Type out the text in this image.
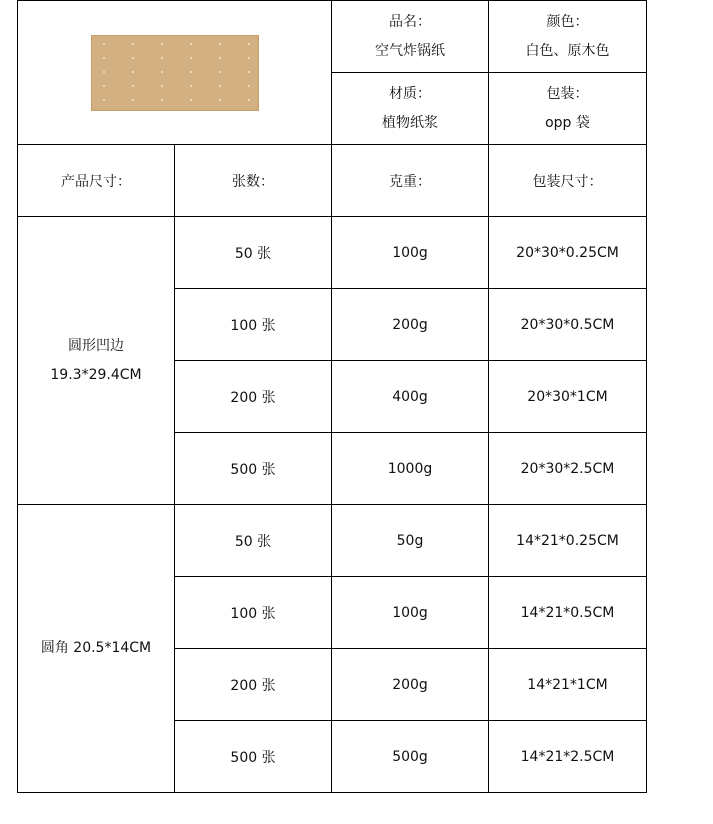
		品名：
空气炸锅纸	颜色：
白色、原木色

		材质：
植物纸浆	包装：
opp 袋

产品尺寸：	张数：	克重：	包装尺寸：

圆形凹边
19.3*29.4CM	50 张	100g	20*30*0.25CM
	100 张	200g	20*30*0.5CM
	200 张	400g	20*30*1CM
	500 张	1000g	20*30*2.5CM

圆角 20.5*14CM	50 张	50g	14*21*0.25CM
	100 张	100g	14*21*0.5CM
	200 张	200g	14*21*1CM
	500 张	500g	14*21*2.5CM
